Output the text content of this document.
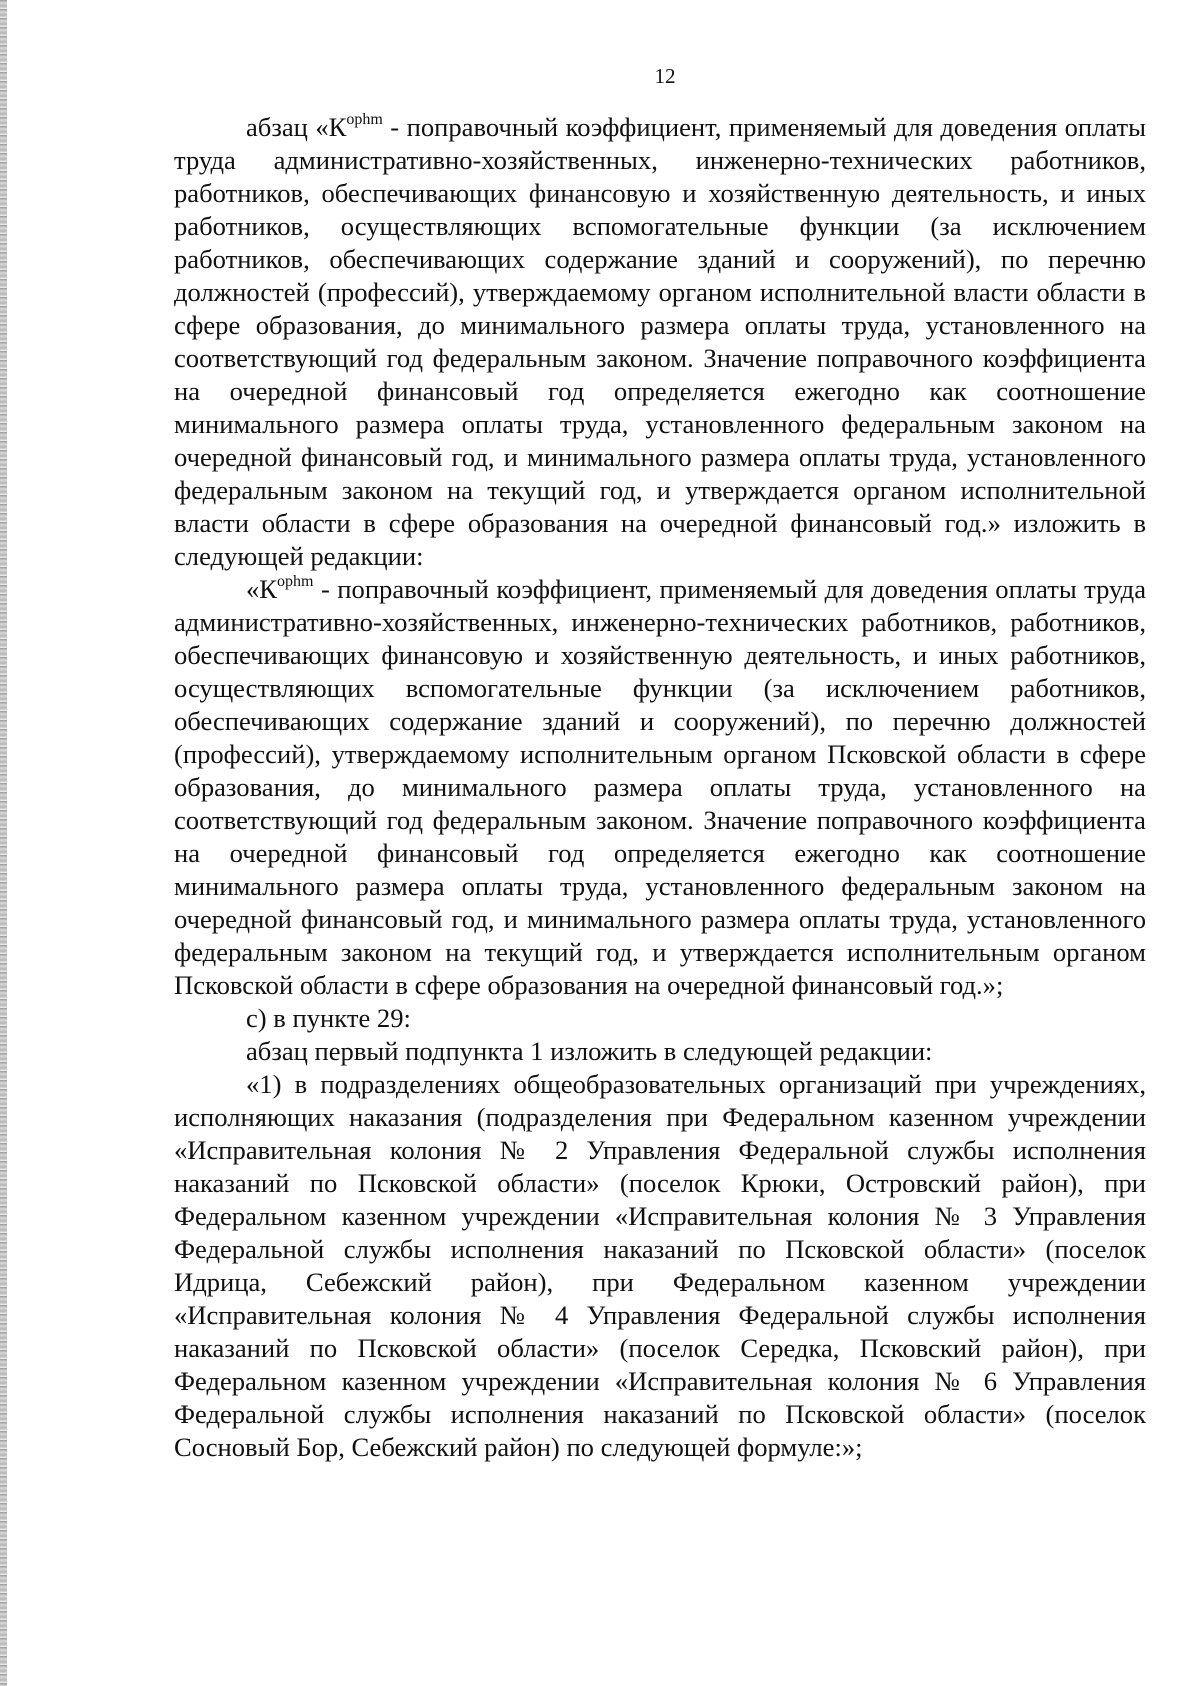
12

абзац «$К^{орhm}$ - поправочный коэффициент, применяемый для доведения оплаты труда административно-хозяйственных, инженерно-технических работников, работников, обеспечивающих финансовую и хозяйственную деятельность, и иных работников, осуществляющих вспомогательные функции (за исключением работников, обеспечивающих содержание зданий и сооружений), по перечню должностей (профессий), утверждаемому органом исполнительной власти области в сфере образования, до минимального размера оплаты труда, установленного на соответствующий год федеральным законом. Значение поправочного коэффициента на очередной финансовый год определяется ежегодно как соотношение минимального размера оплаты труда, установленного федеральным законом на очередной финансовый год, и минимального размера оплаты труда, установленного федеральным законом на текущий год, и утверждается органом исполнительной власти области в сфере образования на очередной финансовый год.» изложить в следующей редакции:

«$К^{орhm}$ - поправочный коэффициент, применяемый для доведения оплаты труда административно-хозяйственных, инженерно-технических работников, работников, обеспечивающих финансовую и хозяйственную деятельность, и иных работников, осуществляющих вспомогательные функции (за исключением работников, обеспечивающих содержание зданий и сооружений), по перечню должностей (профессий), утверждаемому исполнительным органом Псковской области в сфере образования, до минимального размера оплаты труда, установленного на соответствующий год федеральным законом. Значение поправочного коэффициента на очередной финансовый год определяется ежегодно как соотношение минимального размера оплаты труда, установленного федеральным законом на очередной финансовый год, и минимального размера оплаты труда, установленного федеральным законом на текущий год, и утверждается исполнительным органом Псковской области в сфере образования на очередной финансовый год.»;

с) в пункте 29:

абзац первый подпункта 1 изложить в следующей редакции:

«1) в подразделениях общеобразовательных организаций при учреждениях, исполняющих наказания (подразделения при Федеральном казенном учреждении «Исправительная колония № 2 Управления Федеральной службы исполнения наказаний по Псковской области» (поселок Крюки, Островский район), при Федеральном казенном учреждении «Исправительная колония № 3 Управления Федеральной службы исполнения наказаний по Псковской области» (поселок Идрица, Себежский район), при Федеральном казенном учреждении «Исправительная колония № 4 Управления Федеральной службы исполнения наказаний по Псковской области» (поселок Середка, Псковский район), при Федеральном казенном учреждении «Исправительная колония № 6 Управления Федеральной службы исполнения наказаний по Псковской области» (поселок Сосновый Бор, Себежский район) по следующей формуле:»;
